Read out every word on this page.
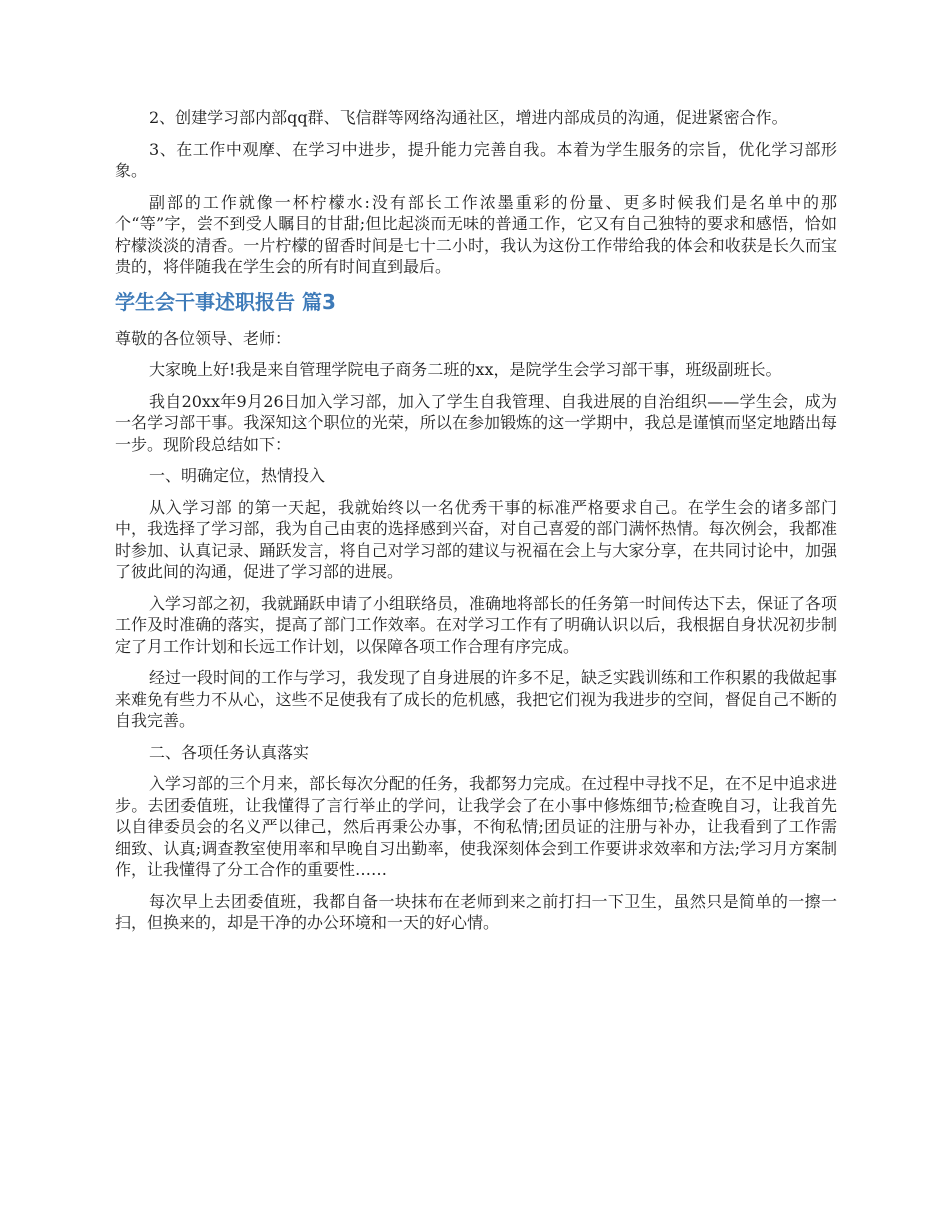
2、创建学习部内部qq群、飞信群等网络沟通社区，增进内部成员的沟通，促进紧密合作。

3、在工作中观摩、在学习中进步，提升能力完善自我。本着为学生服务的宗旨，优化学习部形象。

副部的工作就像一杯柠檬水:没有部长工作浓墨重彩的份量、更多时候我们是名单中的那个“等”字，尝不到受人瞩目的甘甜;但比起淡而无味的普通工作，它又有自己独特的要求和感悟，恰如柠檬淡淡的清香。一片柠檬的留香时间是七十二小时，我认为这份工作带给我的体会和收获是长久而宝贵的，将伴随我在学生会的所有时间直到最后。

学生会干事述职报告 篇3

尊敬的各位领导、老师：

大家晚上好!我是来自管理学院电子商务二班的xx，是院学生会学习部干事，班级副班长。

我自20xx年9月26日加入学习部，加入了学生自我管理、自我进展的自治组织——学生会，成为一名学习部干事。我深知这个职位的光荣，所以在参加锻炼的这一学期中，我总是谨慎而坚定地踏出每一步。现阶段总结如下：

一、明确定位，热情投入

从入学习部 的第一天起，我就始终以一名优秀干事的标准严格要求自己。在学生会的诸多部门中，我选择了学习部，我为自己由衷的选择感到兴奋，对自己喜爱的部门满怀热情。每次例会，我都准时参加、认真记录、踊跃发言，将自己对学习部的建议与祝福在会上与大家分享，在共同讨论中，加强了彼此间的沟通，促进了学习部的进展。

入学习部之初，我就踊跃申请了小组联络员，准确地将部长的任务第一时间传达下去，保证了各项工作及时准确的落实，提高了部门工作效率。在对学习工作有了明确认识以后，我根据自身状况初步制定了月工作计划和长远工作计划，以保障各项工作合理有序完成。

经过一段时间的工作与学习，我发现了自身进展的许多不足，缺乏实践训练和工作积累的我做起事来难免有些力不从心，这些不足使我有了成长的危机感，我把它们视为我进步的空间，督促自己不断的自我完善。

二、各项任务认真落实

入学习部的三个月来，部长每次分配的任务，我都努力完成。在过程中寻找不足，在不足中追求进步。去团委值班，让我懂得了言行举止的学问，让我学会了在小事中修炼细节;检查晚自习，让我首先以自律委员会的名义严以律己，然后再秉公办事，不徇私情;团员证的注册与补办，让我看到了工作需细致、认真;调查教室使用率和早晚自习出勤率，使我深刻体会到工作要讲求效率和方法;学习月方案制作，让我懂得了分工合作的重要性……

每次早上去团委值班，我都自备一块抹布在老师到来之前打扫一下卫生，虽然只是简单的一擦一扫，但换来的，却是干净的办公环境和一天的好心情。
